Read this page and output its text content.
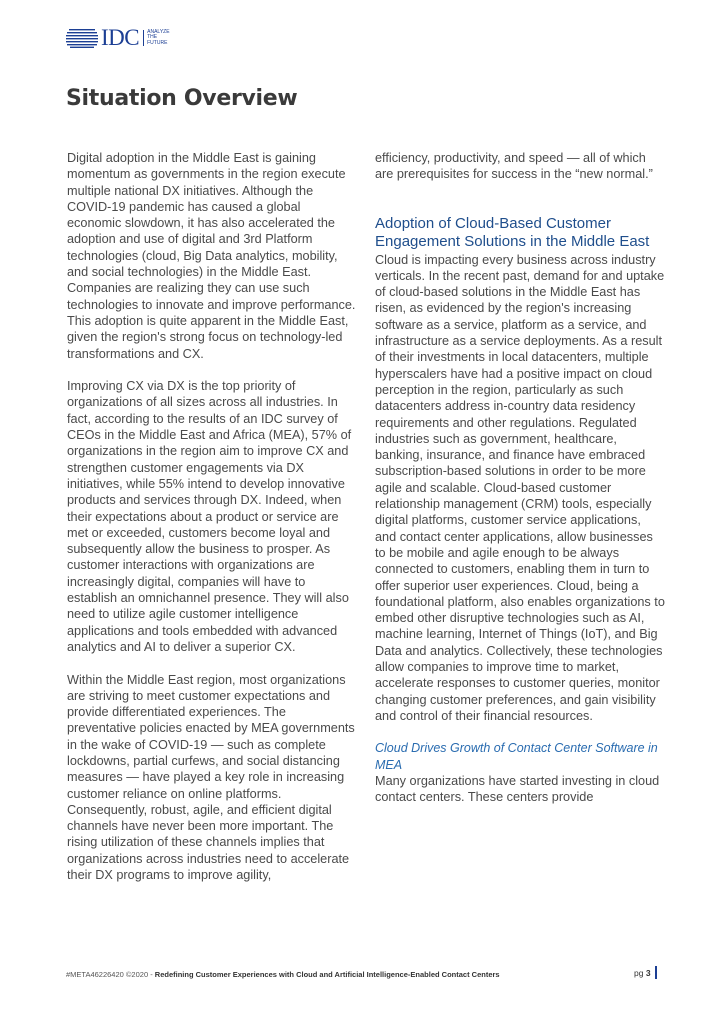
IDC	ANALYZE
THE
FUTURE
Situation Overview

Digital adoption in the Middle East is gaining momentum as governments in the region execute multiple national DX initiatives. Although the COVID-19 pandemic has caused a global economic slowdown, it has also accelerated the adoption and use of digital and 3rd Platform technologies (cloud, Big Data analytics, mobility, and social technologies) in the Middle East. Companies are realizing they can use such technologies to innovate and improve performance. This adoption is quite apparent in the Middle East, given the region's strong focus on technology-led transformations and CX.

Improving CX via DX is the top priority of organizations of all sizes across all industries. In fact, according to the results of an IDC survey of CEOs in the Middle East and Africa (MEA), 57% of organizations in the region aim to improve CX and strengthen customer engagements via DX initiatives, while 55% intend to develop innovative products and services through DX. Indeed, when their expectations about a product or service are met or exceeded, customers become loyal and subsequently allow the business to prosper. As customer interactions with organizations are increasingly digital, companies will have to establish an omnichannel presence. They will also need to utilize agile customer intelligence applications and tools embedded with advanced analytics and AI to deliver a superior CX.

Within the Middle East region, most organizations are striving to meet customer expectations and provide differentiated experiences. The preventative policies enacted by MEA governments in the wake of COVID-19 — such as complete lockdowns, partial curfews, and social distancing measures — have played a key role in increasing customer reliance on online platforms. Consequently, robust, agile, and efficient digital channels have never been more important. The rising utilization of these channels implies that organizations across industries need to accelerate their DX programs to improve agility,

efficiency, productivity, and speed — all of which are prerequisites for success in the “new normal.”

Adoption of Cloud-Based Customer Engagement Solutions in the Middle East

Cloud is impacting every business across industry verticals. In the recent past, demand for and uptake of cloud-based solutions in the Middle East has risen, as evidenced by the region's increasing software as a service, platform as a service, and infrastructure as a service deployments. As a result of their investments in local datacenters, multiple hyperscalers have had a positive impact on cloud perception in the region, particularly as such datacenters address in-country data residency requirements and other regulations. Regulated industries such as government, healthcare, banking, insurance, and finance have embraced subscription-based solutions in order to be more agile and scalable. Cloud-based customer relationship management (CRM) tools, especially digital platforms, customer service applications, and contact center applications, allow businesses to be mobile and agile enough to be always connected to customers, enabling them in turn to offer superior user experiences. Cloud, being a foundational platform, also enables organizations to embed other disruptive technologies such as AI, machine learning, Internet of Things (IoT), and Big Data and analytics. Collectively, these technologies allow companies to improve time to market, accelerate responses to customer queries, monitor changing customer preferences, and gain visibility and control of their financial resources.

Cloud Drives Growth of Contact Center Software in MEA

Many organizations have started investing in cloud contact centers. These centers provide

#META46226420 ©2020 - Redefining Customer Experiences with Cloud and Artificial Intelligence-Enabled Contact Centers	pg
3
